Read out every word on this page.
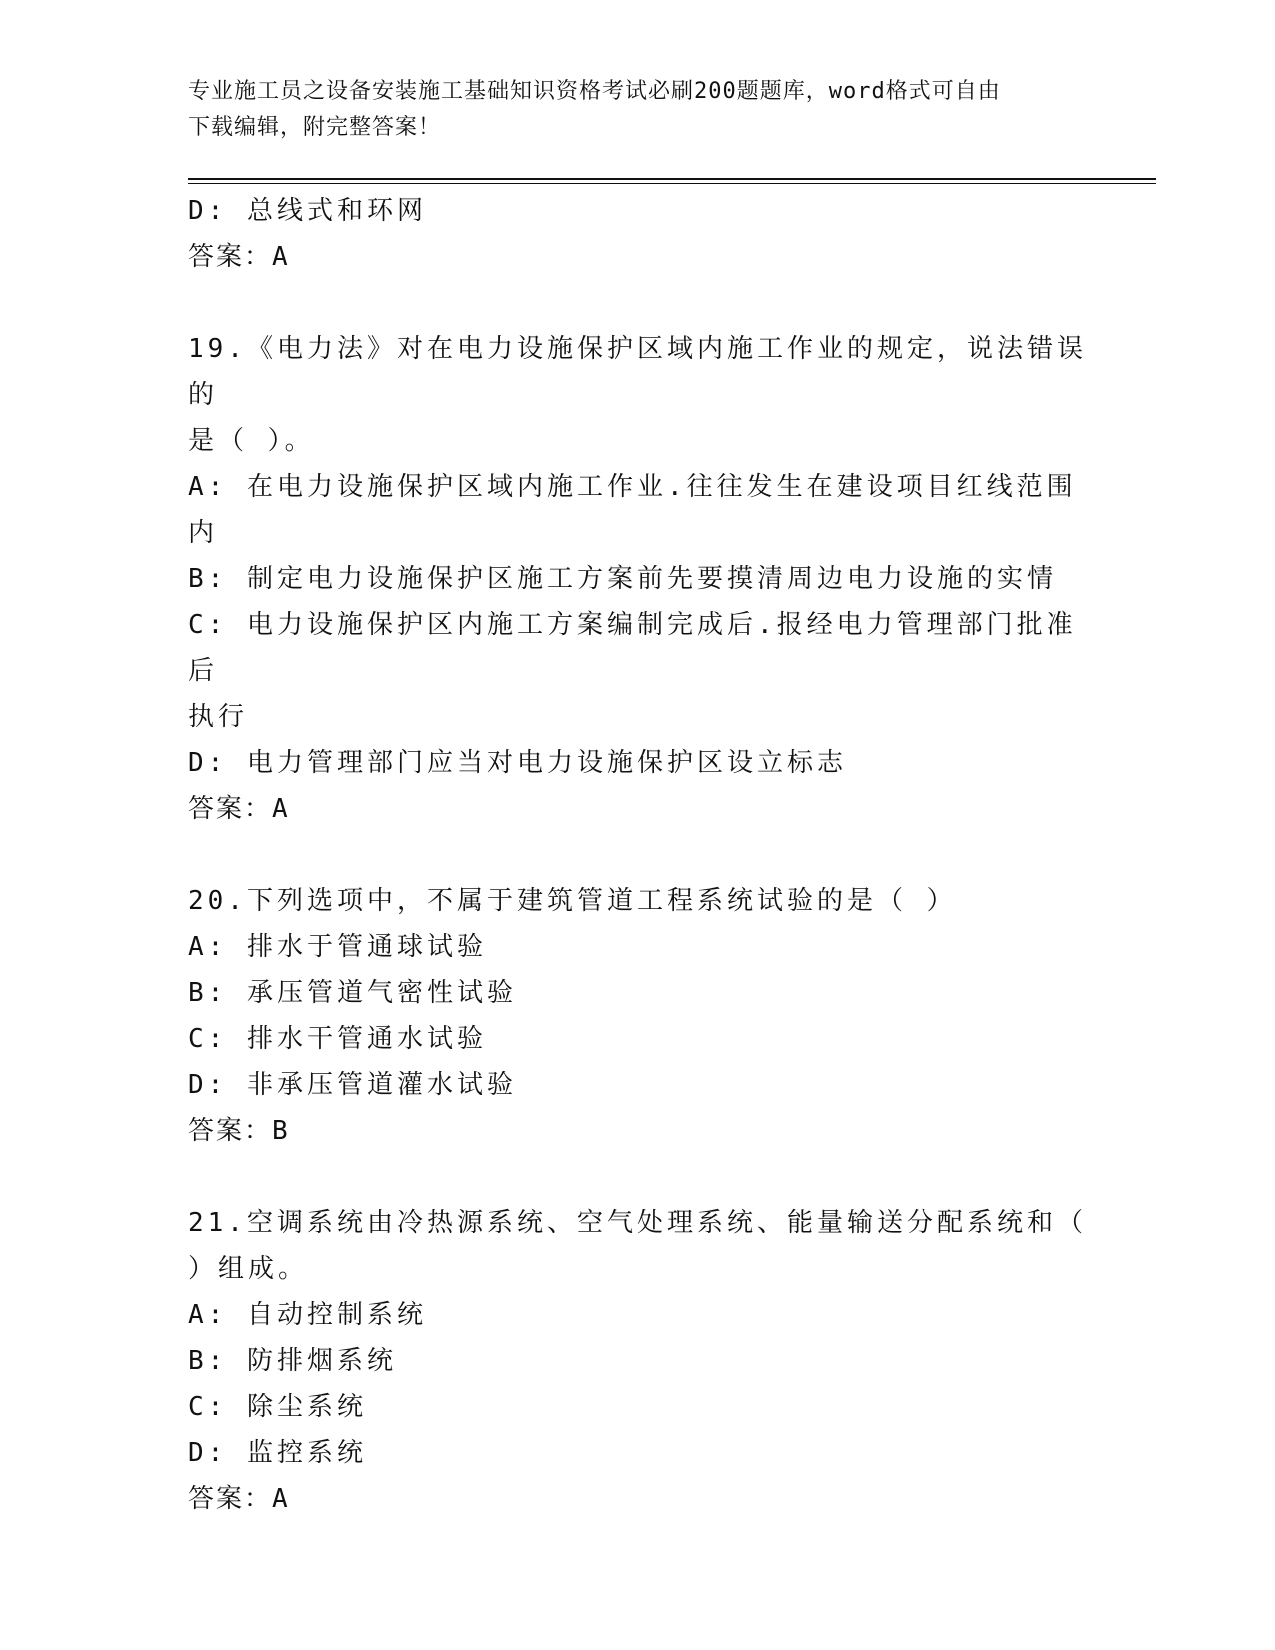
专业施工员之设备安装施工基础知识资格考试必刷200题题库，word格式可自由
下载编辑，附完整答案！
D: 总线式和环网
答案：A
19.《电力法》对在电力设施保护区域内施工作业的规定，说法错误的
是（ ）。
A: 在电力设施保护区域内施工作业.往往发生在建设项目红线范围内
B: 制定电力设施保护区施工方案前先要摸清周边电力设施的实情
C: 电力设施保护区内施工方案编制完成后.报经电力管理部门批准后
执行
D: 电力管理部门应当对电力设施保护区设立标志
答案：A
20.下列选项中，不属于建筑管道工程系统试验的是（ ）
A: 排水于管通球试验
B: 承压管道气密性试验
C: 排水干管通水试验
D: 非承压管道灌水试验
答案：B
21.空调系统由冷热源系统、空气处理系统、能量输送分配系统和（
）组成。
A: 自动控制系统
B: 防排烟系统
C: 除尘系统
D: 监控系统
答案：A
